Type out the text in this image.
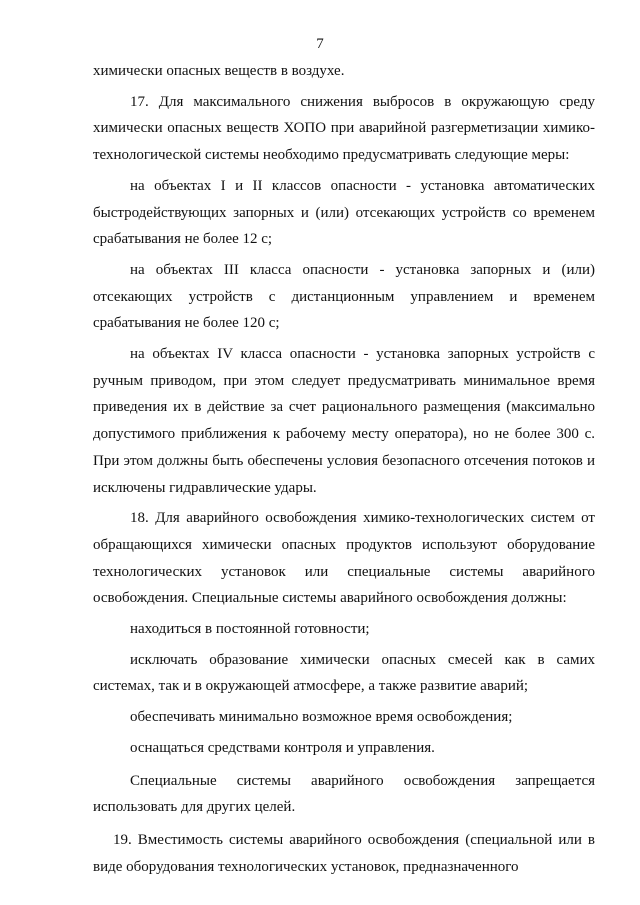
7

химически опасных веществ в воздухе.

17. Для максимального снижения выбросов в окружающую среду химически опасных веществ ХОПО при аварийной разгерметизации химико-технологической системы необходимо предусматривать следующие меры:

на объектах I и II классов опасности - установка автоматических быстродействующих запорных и (или) отсекающих устройств со временем срабатывания не более 12 с;

на объектах III класса опасности - установка запорных и (или) отсекающих устройств с дистанционным управлением и временем срабатывания не более 120 с;

на объектах IV класса опасности - установка запорных устройств с ручным приводом, при этом следует предусматривать минимальное время приведения их в действие за счет рационального размещения (максимально допустимого приближения к рабочему месту оператора), но не более 300 с. При этом должны быть обеспечены условия безопасного отсечения потоков и исключены гидравлические удары.

18. Для аварийного освобождения химико-технологических систем от обращающихся химически опасных продуктов используют оборудование технологических установок или специальные системы аварийного освобождения. Специальные системы аварийного освобождения должны:

находиться в постоянной готовности;

исключать образование химически опасных смесей как в самих системах, так и в окружающей атмосфере, а также развитие аварий;

обеспечивать минимально возможное время освобождения;

оснащаться средствами контроля и управления.

Специальные системы аварийного освобождения запрещается использовать для других целей.

19. Вместимость системы аварийного освобождения (специальной или в виде оборудования технологических установок, предназначенного
